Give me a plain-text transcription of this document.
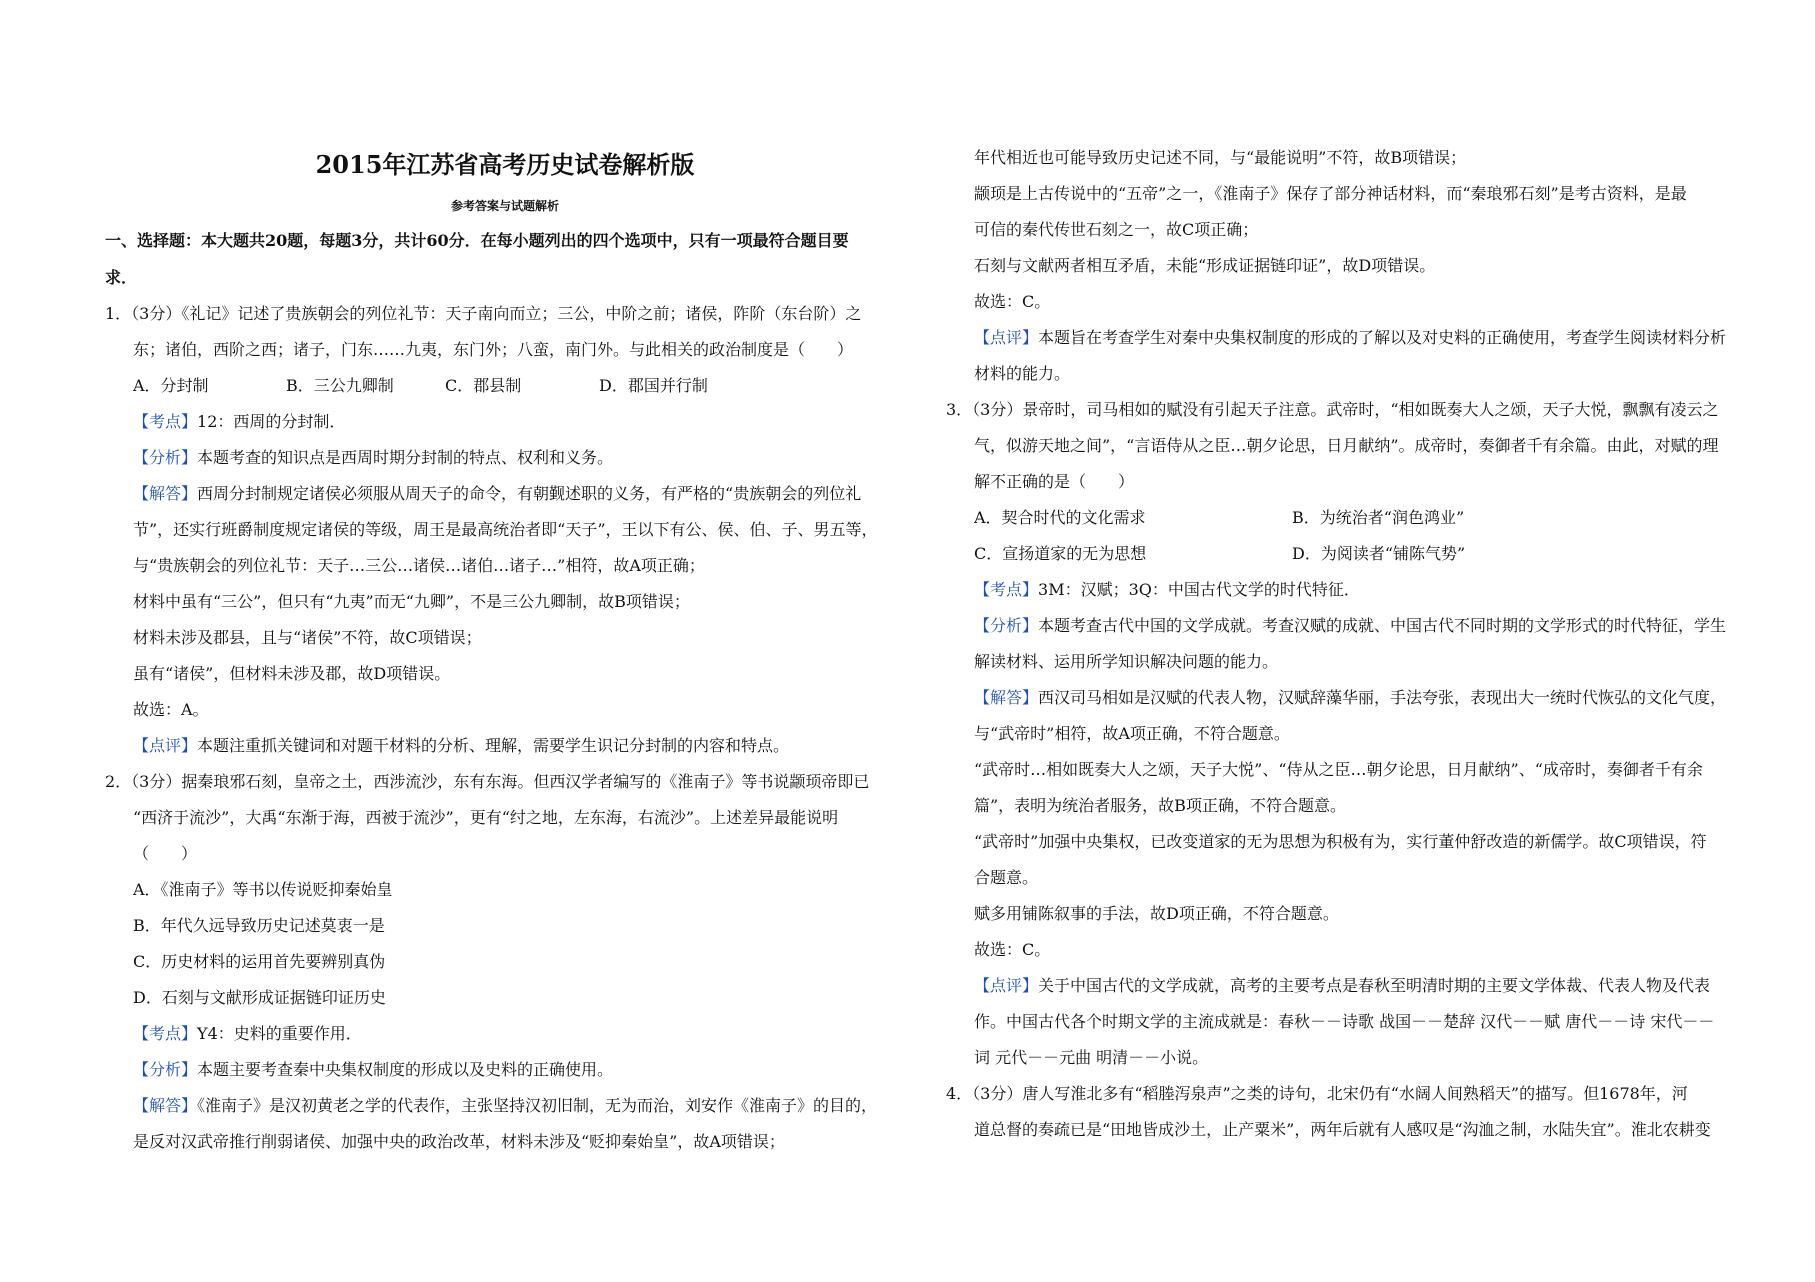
2015年江苏省高考历史试卷解析版
参考答案与试题解析
一、选择题：本大题共20题，每题3分，共计60分．在每小题列出的四个选项中，只有一项最符合题目要
求．
1．（3分）《礼记》记述了贵族朝会的列位礼节：天子南向而立；三公，中阶之前；诸侯，阼阶（东台阶）之
东；诸伯，西阶之西；诸子，门东……九夷，东门外；八蛮，南门外。与此相关的政治制度是（　　）
A．分封制	B．三公九卿制	C．郡县制	D．郡国并行制
【考点】12：西周的分封制．
【分析】本题考查的知识点是西周时期分封制的特点、权利和义务。
【解答】西周分封制规定诸侯必须服从周天子的命令，有朝觐述职的义务，有严格的“贵族朝会的列位礼
节”，还实行班爵制度规定诸侯的等级，周王是最高统治者即“天子”，王以下有公、侯、伯、子、男五等，
与“贵族朝会的列位礼节：天子…三公…诸侯…诸伯…诸子…”相符，故A项正确；
材料中虽有“三公”，但只有“九夷”而无“九卿”，不是三公九卿制，故B项错误；
材料未涉及郡县，且与“诸侯”不符，故C项错误；
虽有“诸侯”，但材料未涉及郡，故D项错误。
故选：A。
【点评】本题注重抓关键词和对题干材料的分析、理解，需要学生识记分封制的内容和特点。
2．（3分）据秦琅邪石刻，皇帝之土，西涉流沙，东有东海。但西汉学者编写的《淮南子》等书说颛顼帝即已
“西济于流沙”，大禹“东渐于海，西被于流沙”，更有“纣之地，左东海，右流沙”。上述差异最能说明
（　　）
A．《淮南子》等书以传说贬抑秦始皇
B．年代久远导致历史记述莫衷一是
C．历史材料的运用首先要辨别真伪
D．石刻与文献形成证据链印证历史
【考点】Y4：史料的重要作用．
【分析】本题主要考查秦中央集权制度的形成以及史料的正确使用。
【解答】《淮南子》是汉初黄老之学的代表作，主张坚持汉初旧制，无为而治，刘安作《淮南子》的目的，
是反对汉武帝推行削弱诸侯、加强中央的政治改革，材料未涉及“贬抑秦始皇”，故A项错误；
年代相近也可能导致历史记述不同，与“最能说明”不符，故B项错误；
颛顼是上古传说中的“五帝”之一，《淮南子》保存了部分神话材料，而“秦琅邪石刻”是考古资料，是最
可信的秦代传世石刻之一，故C项正确；
石刻与文献两者相互矛盾，未能“形成证据链印证”，故D项错误。
故选：C。
【点评】本题旨在考查学生对秦中央集权制度的形成的了解以及对史料的正确使用，考查学生阅读材料分析
材料的能力。
3．（3分）景帝时，司马相如的赋没有引起天子注意。武帝时，“相如既奏大人之颂，天子大悦，飘飘有凌云之
气，似游天地之间”，“言语侍从之臣…朝夕论思，日月献纳”。成帝时，奏御者千有余篇。由此，对赋的理
解不正确的是（　　）
A．契合时代的文化需求	B．为统治者“润色鸿业”
C．宣扬道家的无为思想	D．为阅读者“铺陈气势”
【考点】3M：汉赋；3Q：中国古代文学的时代特征．
【分析】本题考查古代中国的文学成就。考查汉赋的成就、中国古代不同时期的文学形式的时代特征，学生
解读材料、运用所学知识解决问题的能力。
【解答】西汉司马相如是汉赋的代表人物，汉赋辞藻华丽，手法夸张，表现出大一统时代恢弘的文化气度，
与“武帝时”相符，故A项正确，不符合题意。
“武帝时…相如既奏大人之颂，天子大悦”、“侍从之臣…朝夕论思，日月献纳”、“成帝时，奏御者千有余
篇”，表明为统治者服务，故B项正确，不符合题意。
“武帝时”加强中央集权，已改变道家的无为思想为积极有为，实行董仲舒改造的新儒学。故C项错误，符
合题意。
赋多用铺陈叙事的手法，故D项正确，不符合题意。
故选：C。
【点评】关于中国古代的文学成就，高考的主要考点是春秋至明清时期的主要文学体裁、代表人物及代表
作。中国古代各个时期文学的主流成就是：春秋－－诗歌 战国－－楚辞 汉代－－赋 唐代－－诗 宋代－－
词 元代－－元曲 明清－－小说。
4．（3分）唐人写淮北多有“稻塍泻泉声”之类的诗句，北宋仍有“水阔人间熟稻天”的描写。但1678年，河
道总督的奏疏已是“田地皆成沙土，止产粟米”，两年后就有人感叹是“沟洫之制，水陆失宜”。淮北农耕变
